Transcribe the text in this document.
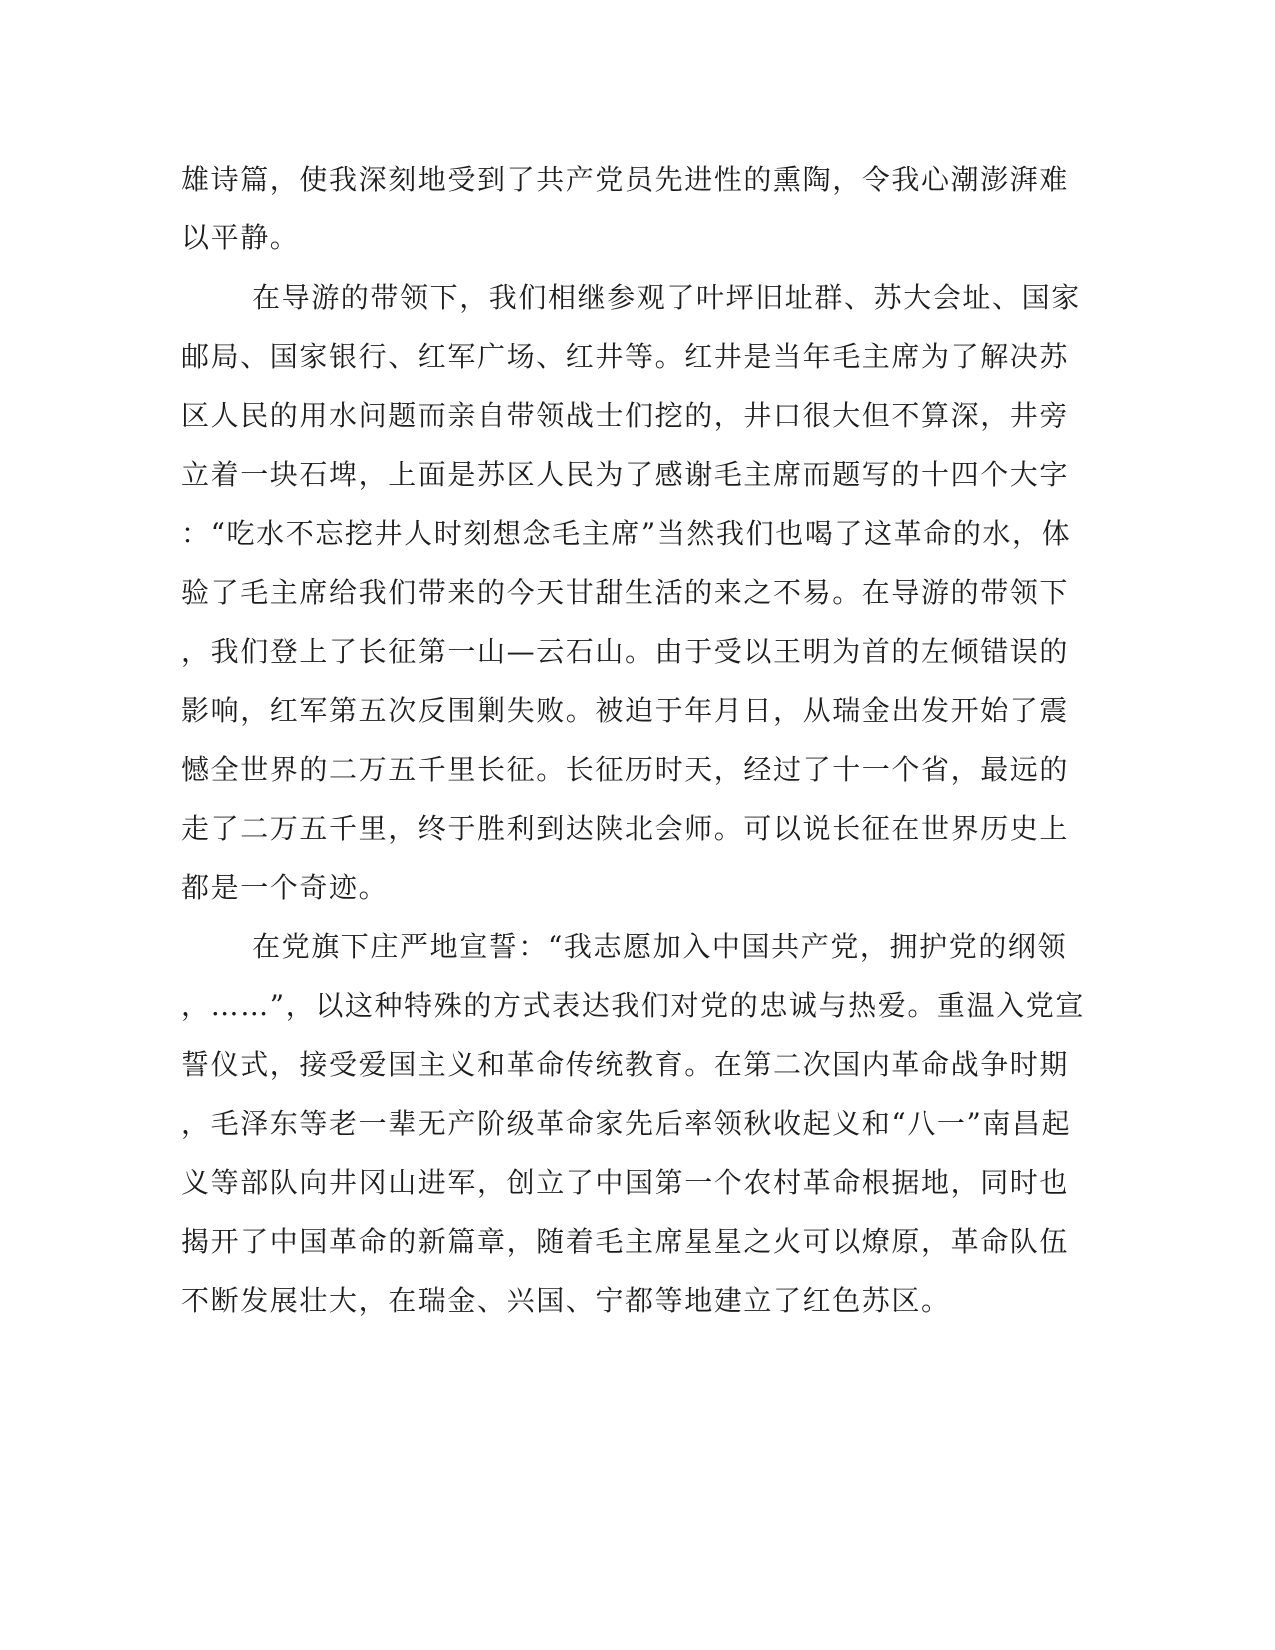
雄诗篇，使我深刻地受到了共产党员先进性的熏陶，令我心潮澎湃难
以平静。
在导游的带领下，我们相继参观了叶坪旧址群、苏大会址、国家
邮局、国家银行、红军广场、红井等。红井是当年毛主席为了解决苏
区人民的用水问题而亲自带领战士们挖的，井口很大但不算深，井旁
立着一块石埤，上面是苏区人民为了感谢毛主席而题写的十四个大字
：“吃水不忘挖井人时刻想念毛主席”当然我们也喝了这革命的水，体
验了毛主席给我们带来的今天甘甜生活的来之不易。在导游的带领下
，我们登上了长征第一山—云石山。由于受以王明为首的左倾错误的
影响，红军第五次反围剿失败。被迫于年月日，从瑞金出发开始了震
憾全世界的二万五千里长征。长征历时天，经过了十一个省，最远的
走了二万五千里，终于胜利到达陕北会师。可以说长征在世界历史上
都是一个奇迹。
在党旗下庄严地宣誓：“我志愿加入中国共产党，拥护党的纲领
，……”，以这种特殊的方式表达我们对党的忠诚与热爱。重温入党宣
誓仪式，接受爱国主义和革命传统教育。在第二次国内革命战争时期
，毛泽东等老一辈无产阶级革命家先后率领秋收起义和“八一”南昌起
义等部队向井冈山进军，创立了中国第一个农村革命根据地，同时也
揭开了中国革命的新篇章，随着毛主席星星之火可以燎原，革命队伍
不断发展壮大，在瑞金、兴国、宁都等地建立了红色苏区。
